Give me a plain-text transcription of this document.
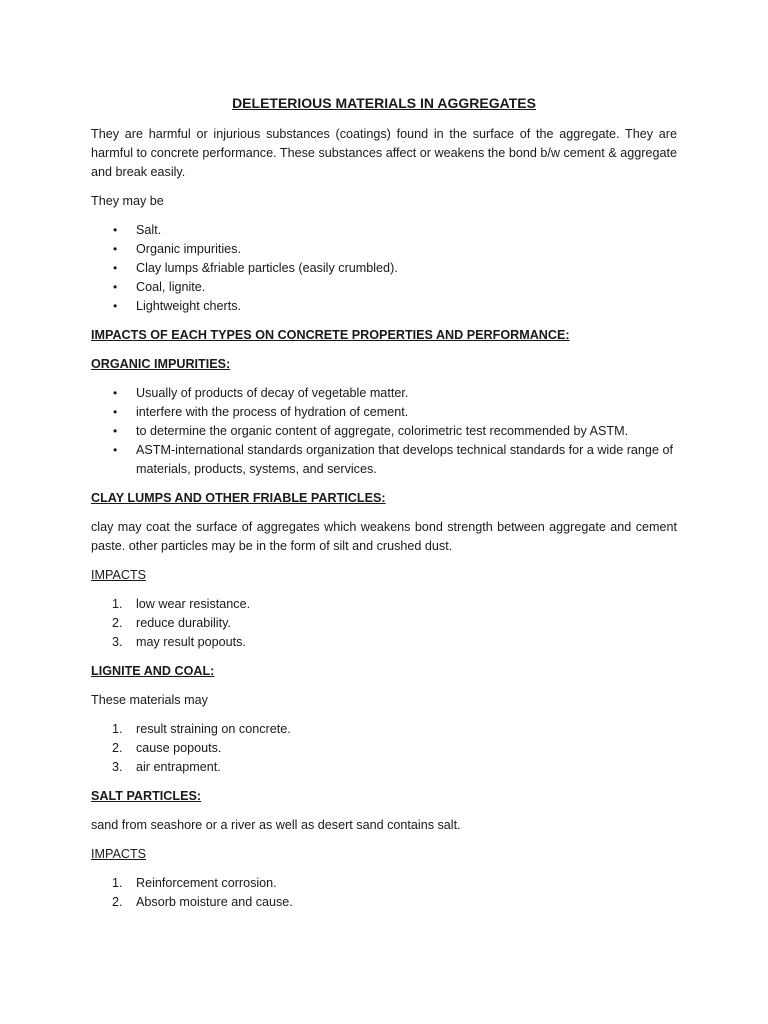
DELETERIOUS MATERIALS IN AGGREGATES

They are harmful or injurious substances (coatings) found in the surface of the aggregate. They are harmful to concrete performance. These substances affect or weakens the bond b/w cement & aggregate and break easily.

They may be

• Salt.
• Organic impurities.
• Clay lumps &friable particles (easily crumbled).
• Coal, lignite.
• Lightweight cherts.
IMPACTS OF EACH TYPES ON CONCRETE PROPERTIES AND PERFORMANCE:
ORGANIC IMPURITIES:
• Usually of products of decay of vegetable matter.
• interfere with the process of hydration of cement.
• to determine the organic content of aggregate, colorimetric test recommended by ASTM.
• ASTM-international standards organization that develops technical standards for a wide range of materials, products, systems, and services.
CLAY LUMPS AND OTHER FRIABLE PARTICLES:

clay may coat the surface of aggregates which weakens bond strength between aggregate and cement paste. other particles may be in the form of silt and crushed dust.

IMPACTS
1. low wear resistance.
2. reduce durability.
3. may result popouts.
LIGNITE AND COAL:

These materials may

1. result straining on concrete.
2. cause popouts.
3. air entrapment.
SALT PARTICLES:

sand from seashore or a river as well as desert sand contains salt.

IMPACTS
1. Reinforcement corrosion.
2. Absorb moisture and cause.
